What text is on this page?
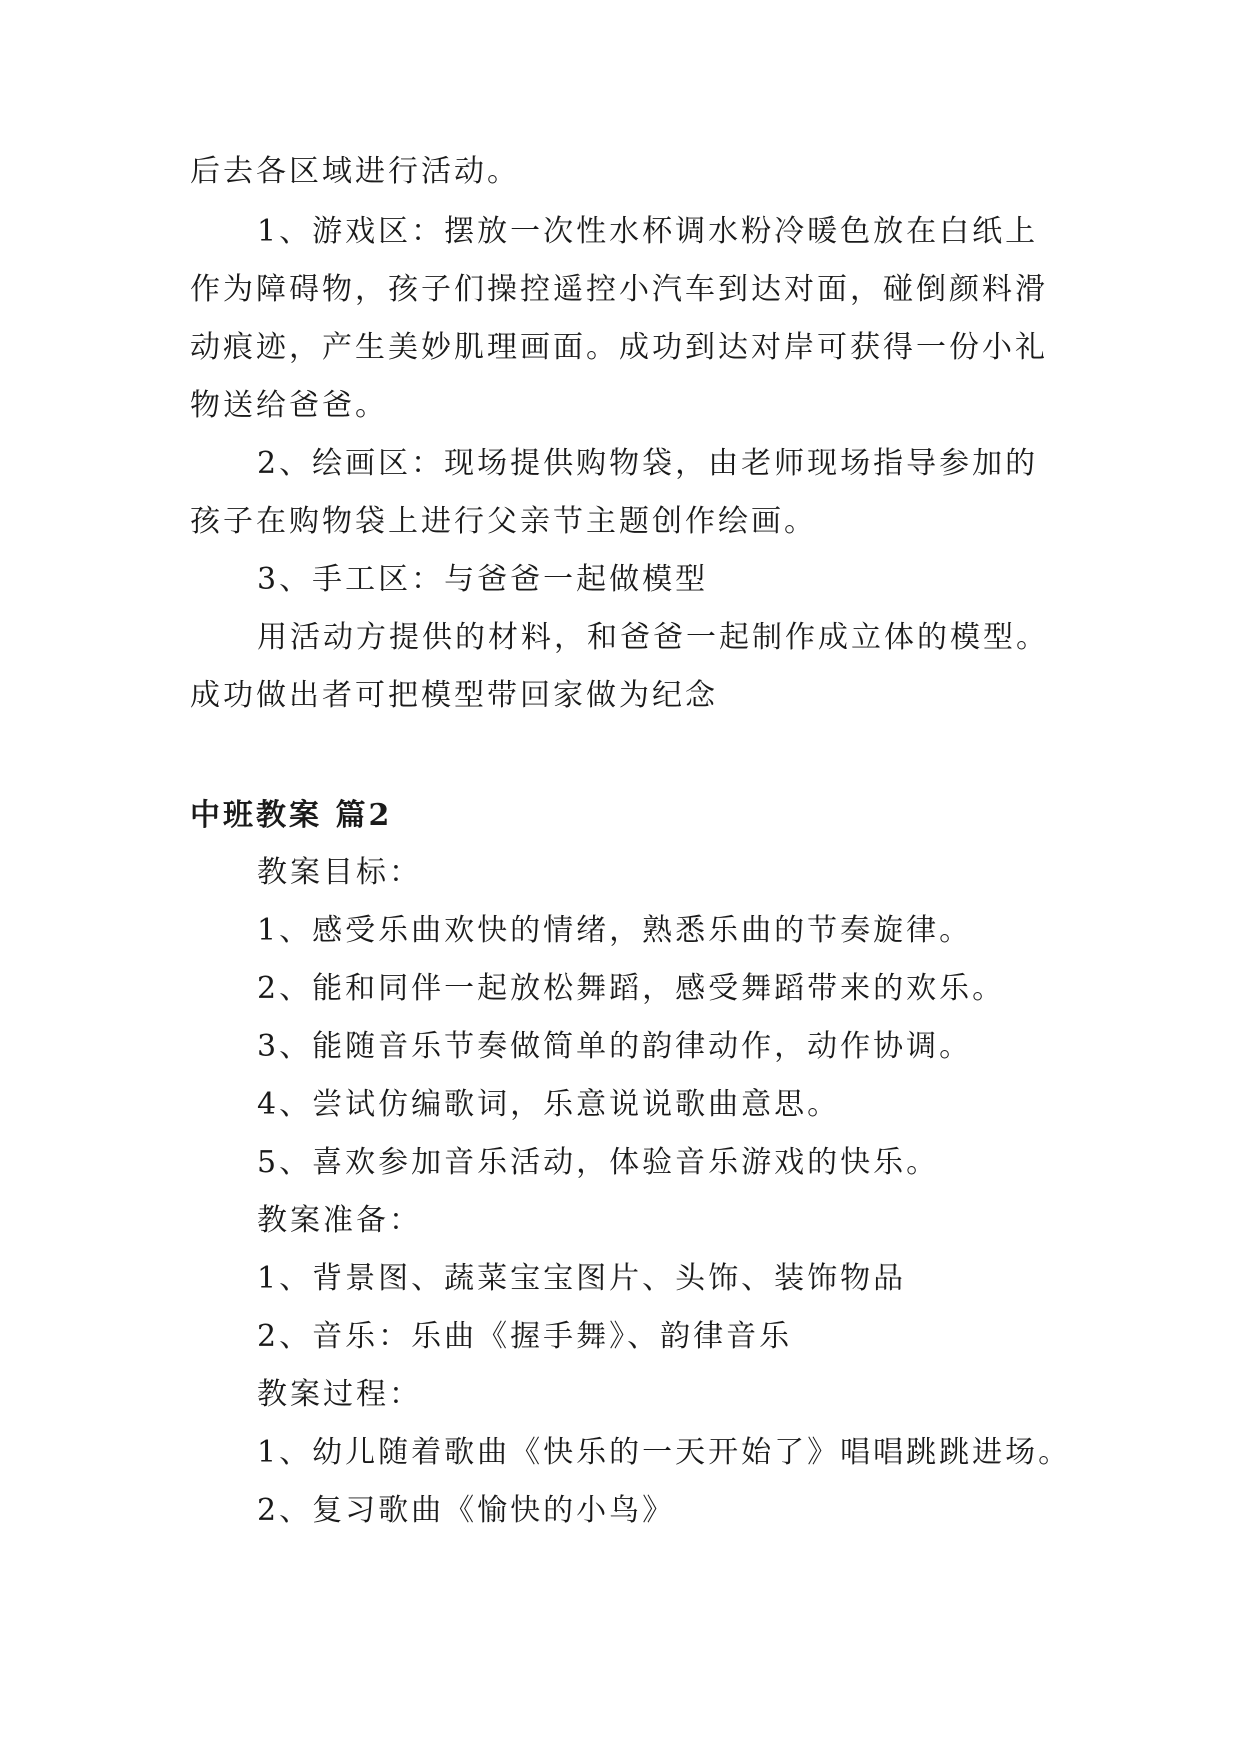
后去各区域进行活动。

1、游戏区：摆放一次性水杯调水粉冷暖色放在白纸上

作为障碍物，孩子们操控遥控小汽车到达对面，碰倒颜料滑

动痕迹，产生美妙肌理画面。成功到达对岸可获得一份小礼

物送给爸爸。

2、绘画区：现场提供购物袋，由老师现场指导参加的

孩子在购物袋上进行父亲节主题创作绘画。

3、手工区：与爸爸一起做模型

用活动方提供的材料，和爸爸一起制作成立体的模型。

成功做出者可把模型带回家做为纪念

中班教案 篇2

教案目标：

1、感受乐曲欢快的情绪，熟悉乐曲的节奏旋律。

2、能和同伴一起放松舞蹈，感受舞蹈带来的欢乐。

3、能随音乐节奏做简单的韵律动作，动作协调。

4、尝试仿编歌词，乐意说说歌曲意思。

5、喜欢参加音乐活动，体验音乐游戏的快乐。

教案准备：

1、背景图、蔬菜宝宝图片、头饰、装饰物品

2、音乐：乐曲《握手舞》、韵律音乐

教案过程：

1、幼儿随着歌曲《快乐的一天开始了》唱唱跳跳进场。

2、复习歌曲《愉快的小鸟》
